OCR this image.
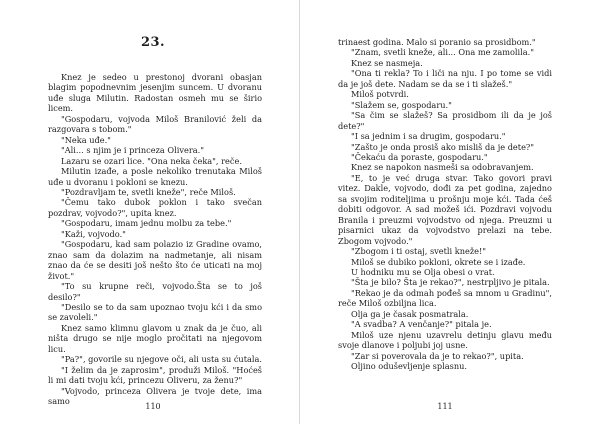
23.

Knez je sedeo u prestonoj dvorani obasjan blagim popodnevnim jesenjim suncem. U dvoranu uđe sluga Milutin. Radostan osmeh mu se širio licem.

"Gospodaru, vojvoda Miloš Branilović želi da razgovara s tobom."

"Neka uđe."

"Ali... s njim je i princeza Olivera."

Lazaru se ozari lice. "Ona neka čeka", reče.

Milutin izađe, a posle nekoliko trenutaka Miloš uđe u dvoranu i pokloni se knezu.

"Pozdravljam te, svetli kneže", reče Miloš.

"Čemu tako dubok poklon i tako svečan pozdrav, vojvodo?", upita knez.

"Gospodaru, imam jednu molbu za tebe."

"Kaži, vojvodo."

"Gospodaru, kad sam polazio iz Gradine ovamo, znao sam da dolazim na nadmetanje, ali nisam znao da će se desiti još nešto što će uticati na moj život."

"To su krupne reči, vojvodo.Šta se to još desilo?"

"Desilo se to da sam upoznao tvoju kći i da smo se zavoleli."

Knez samo klimnu glavom u znak da je čuo, ali ništa drugo se nije moglo pročitati na njegovom licu.

"Pa?", govorile su njegove oči, ali usta su ćutala.

"I želim da je zaprosim", produži Miloš. "Hoćeš li mi dati tvoju kći, princezu Oliveru, za ženu?"

"Vojvodo, princeza Olivera je tvoje dete, ima samo

110

trinaest godina. Malo si poranio sa prosidbom."

"Znam, svetli kneže, ali... Ona me zamolila."

Knez se nasmeja.

"Ona ti rekla? To i liči na nju. I po tome se vidi da je još dete. Nadam se da se i ti slažeš."

Miloš potvrdi.

"Slažem se, gospodaru."

"Sa čim se slažeš? Sa prosidbom ili da je još dete?"

"I sa jednim i sa drugim, gospodaru."

"Zašto je onda prosiš ako misliš da je dete?"

"Čekaću da poraste, gospodaru."

Knez se napokon nasmeši sa odobravanjem.

"E, to je već druga stvar. Tako govori pravi vitez. Dakle, vojvodo, dođi za pet godina, zajedno sa svojim roditeljima u prošnju moje kći. Tada ćeš dobiti odgovor. A sad možeš ići. Pozdravi vojvodu Branila i preuzmi vojvodstvo od njega. Preuzmi u pisarnici ukaz da vojvodstvo prelazi na tebe. Zbogom vojvodo."

"Zbogom i ti ostaj, svetli kneže!"

Miloš se dubiko pokloni, okrete se i izađe.

U hodniku mu se Olja obesi o vrat.

"Šta je bilo? Šta je rekao?", nestrpljivo je pitala.

"Rekao je da odmah pođeš sa mnom u Gradinu", reče Miloš ozbiljna lica.

Olja ga je časak posmatrala.

"A svadba? A venčanje?" pitala je.

Miloš uze njenu uzavrelu detinju glavu među svoje dlanove i poljubi joj usne.

"Zar si poverovala da je to rekao?", upita.

Oljino oduševljenje splasnu.

111
